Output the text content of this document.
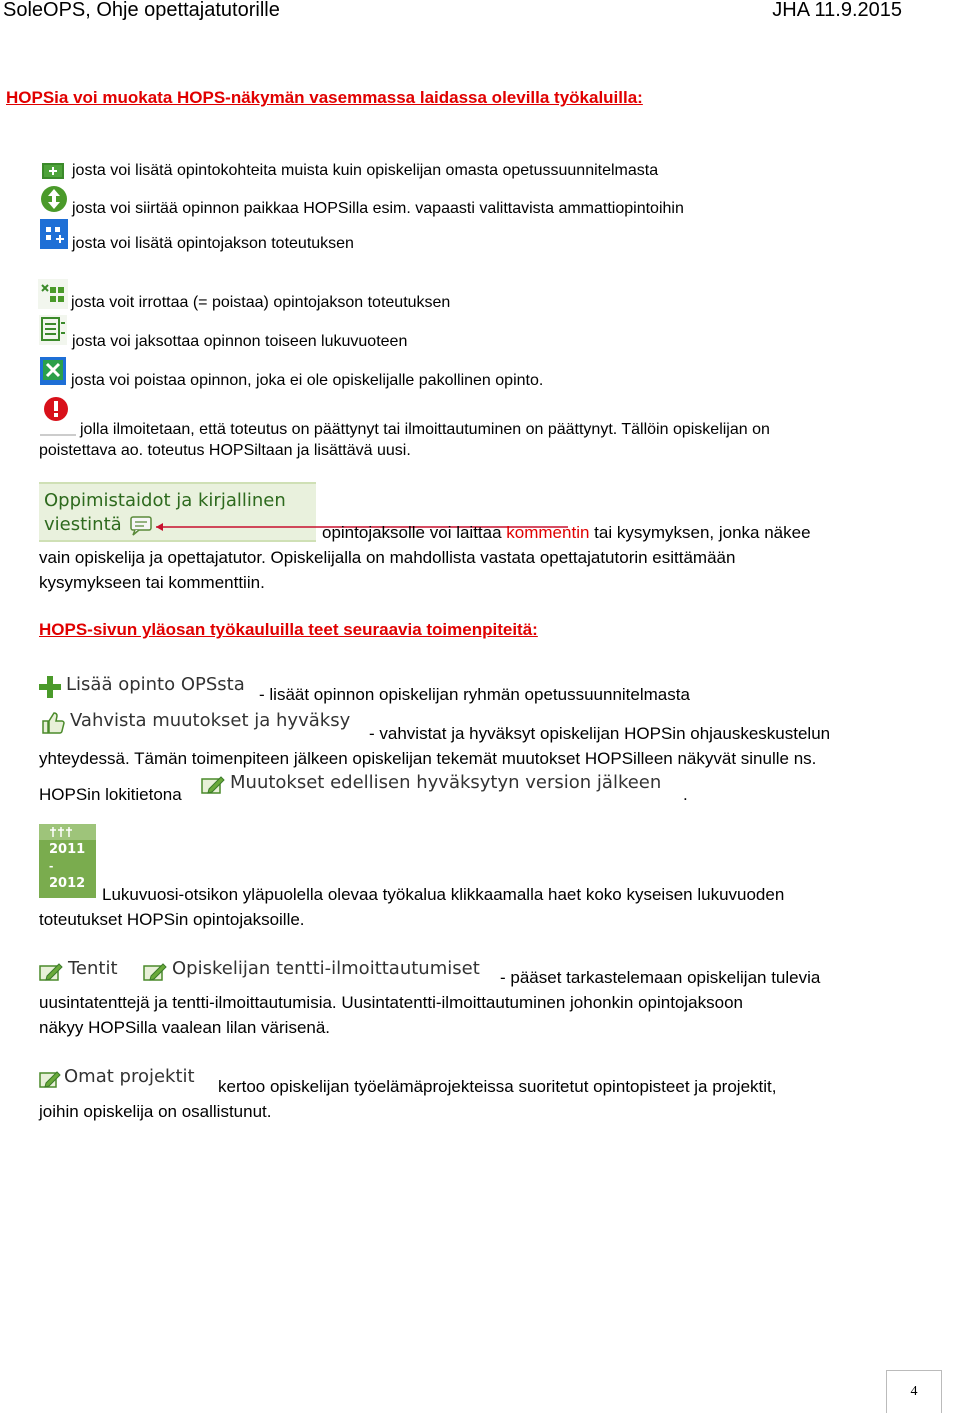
SoleOPS, Ohje opettajatutorille	JHA 11.9.2015
HOPSia voi muokata HOPS-näkymän vasemmassa laidassa olevilla työkaluilla:
josta voi lisätä opintokohteita muista kuin opiskelijan omasta opetussuunnitelmasta
josta voi siirtää opinnon paikkaa HOPSilla esim. vapaasti valittavista ammattiopintoihin
josta voi lisätä opintojakson toteutuksen
josta voit irrottaa (= poistaa) opintojakson toteutuksen
josta voi jaksottaa opinnon toiseen lukuvuoteen
josta voi poistaa opinnon, joka ei ole opiskelijalle pakollinen opinto.
jolla ilmoitetaan, että toteutus on päättynyt tai ilmoittautuminen on päättynyt. Tällöin opiskelijan on
poistettava ao. toteutus HOPSiltaan ja lisättävä uusi.
Oppimistaidot ja kirjallinen
viestintä	opintojaksolle voi laittaa kommentin tai kysymyksen, jonka näkee
vain opiskelija ja opettajatutor. Opiskelijalla on mahdollista vastata opettajatutorin esittämään
kysymykseen tai kommenttiin.
HOPS-sivun yläosan työkauluilla teet seuraavia toimenpiteitä:
Lisää opinto OPSsta - lisäät opinnon opiskelijan ryhmän opetussuunnitelmasta
Vahvista muutokset ja hyväksy
- vahvistat ja hyväksyt opiskelijan HOPSin ohjauskeskustelun
yhteydessä. Tämän toimenpiteen jälkeen opiskelijan tekemät muutokset HOPSilleen näkyvät sinulle ns.
HOPSin lokitietona
Muutokset edellisen hyväksytyn version jälkeen
.
2011
-
2012
Lukuvuosi-otsikon yläpuolella olevaa työkalua klikkaamalla haet koko kyseisen lukuvuoden
toteutukset HOPSin opintojaksoille.
Tentit	Opiskelijan tentti-ilmoittautumiset - pääset tarkastelemaan opiskelijan tulevia
uusintatenttejä ja tentti-ilmoittautumisia. Uusintatentti-ilmoittautuminen johonkin opintojaksoon
näkyy HOPSilla vaalean lilan värisenä.
Omat projektit kertoo opiskelijan työelämäprojekteissa suoritetut opintopisteet ja projektit,
joihin opiskelija on osallistunut.
4
